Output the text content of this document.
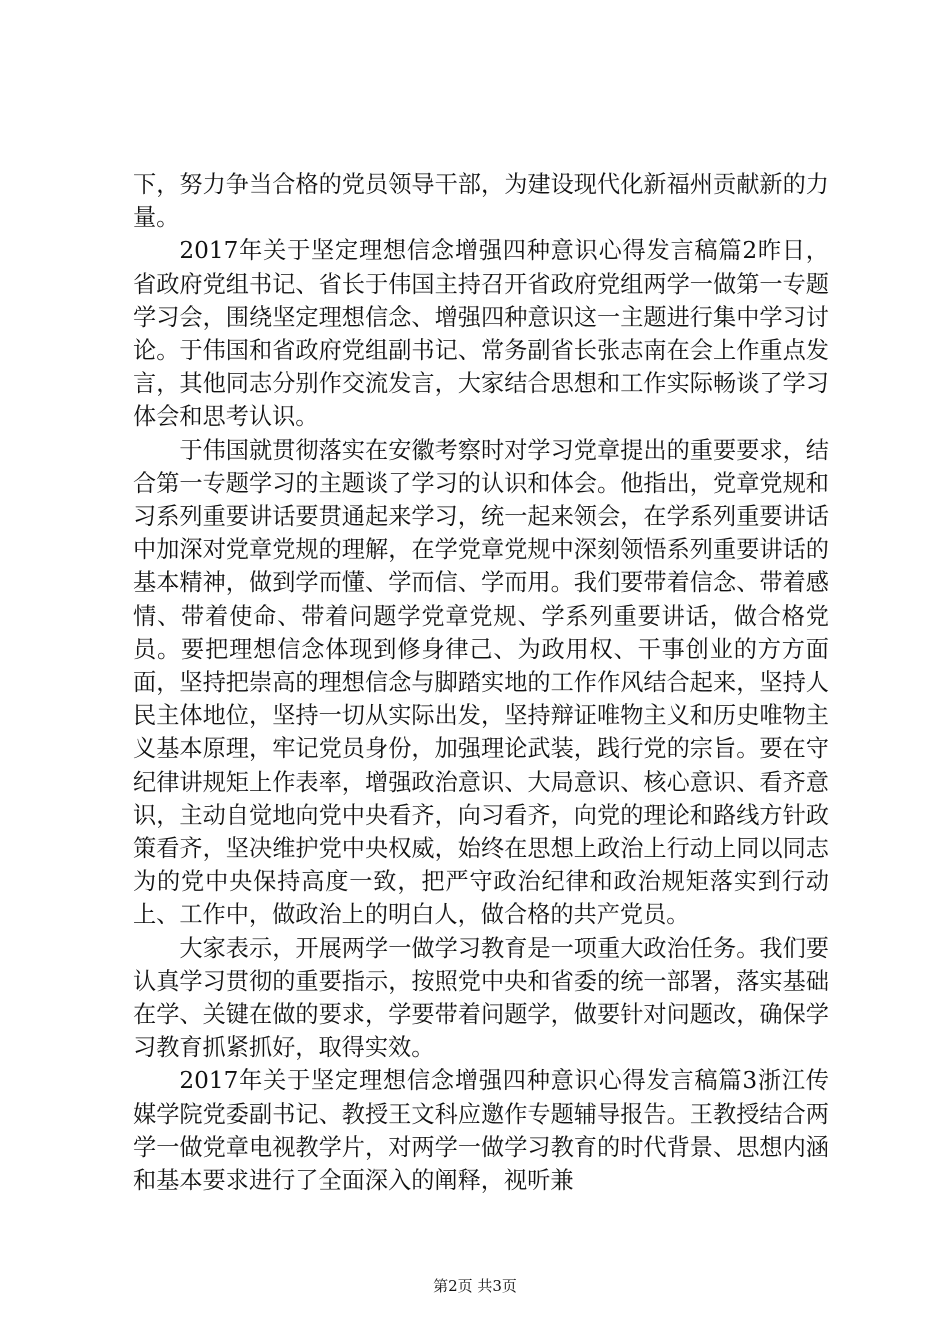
下，努力争当合格的党员领导干部，为建设现代化新福州贡献新的力量。

2017年关于坚定理想信念增强四种意识心得发言稿篇2昨日，省政府党组书记、省长于伟国主持召开省政府党组两学一做第一专题学习会，围绕坚定理想信念、增强四种意识这一主题进行集中学习讨论。于伟国和省政府党组副书记、常务副省长张志南在会上作重点发言，其他同志分别作交流发言，大家结合思想和工作实际畅谈了学习体会和思考认识。

于伟国就贯彻落实在安徽考察时对学习党章提出的重要要求，结合第一专题学习的主题谈了学习的认识和体会。他指出，党章党规和习系列重要讲话要贯通起来学习，统一起来领会，在学系列重要讲话中加深对党章党规的理解，在学党章党规中深刻领悟系列重要讲话的基本精神，做到学而懂、学而信、学而用。我们要带着信念、带着感情、带着使命、带着问题学党章党规、学系列重要讲话，做合格党员。要把理想信念体现到修身律己、为政用权、干事创业的方方面面，坚持把崇高的理想信念与脚踏实地的工作作风结合起来，坚持人民主体地位，坚持一切从实际出发，坚持辩证唯物主义和历史唯物主义基本原理，牢记党员身份，加强理论武装，践行党的宗旨。要在守纪律讲规矩上作表率，增强政治意识、大局意识、核心意识、看齐意识，主动自觉地向党中央看齐，向习看齐，向党的理论和路线方针政策看齐，坚决维护党中央权威，始终在思想上政治上行动上同以同志为的党中央保持高度一致，把严守政治纪律和政治规矩落实到行动上、工作中，做政治上的明白人，做合格的共产党员。

大家表示，开展两学一做学习教育是一项重大政治任务。我们要认真学习贯彻的重要指示，按照党中央和省委的统一部署，落实基础在学、关键在做的要求，学要带着问题学，做要针对问题改，确保学习教育抓紧抓好，取得实效。

2017年关于坚定理想信念增强四种意识心得发言稿篇3浙江传媒学院党委副书记、教授王文科应邀作专题辅导报告。王教授结合两学一做党章电视教学片，对两学一做学习教育的时代背景、思想内涵和基本要求进行了全面深入的阐释，视听兼

第2页 共3页
